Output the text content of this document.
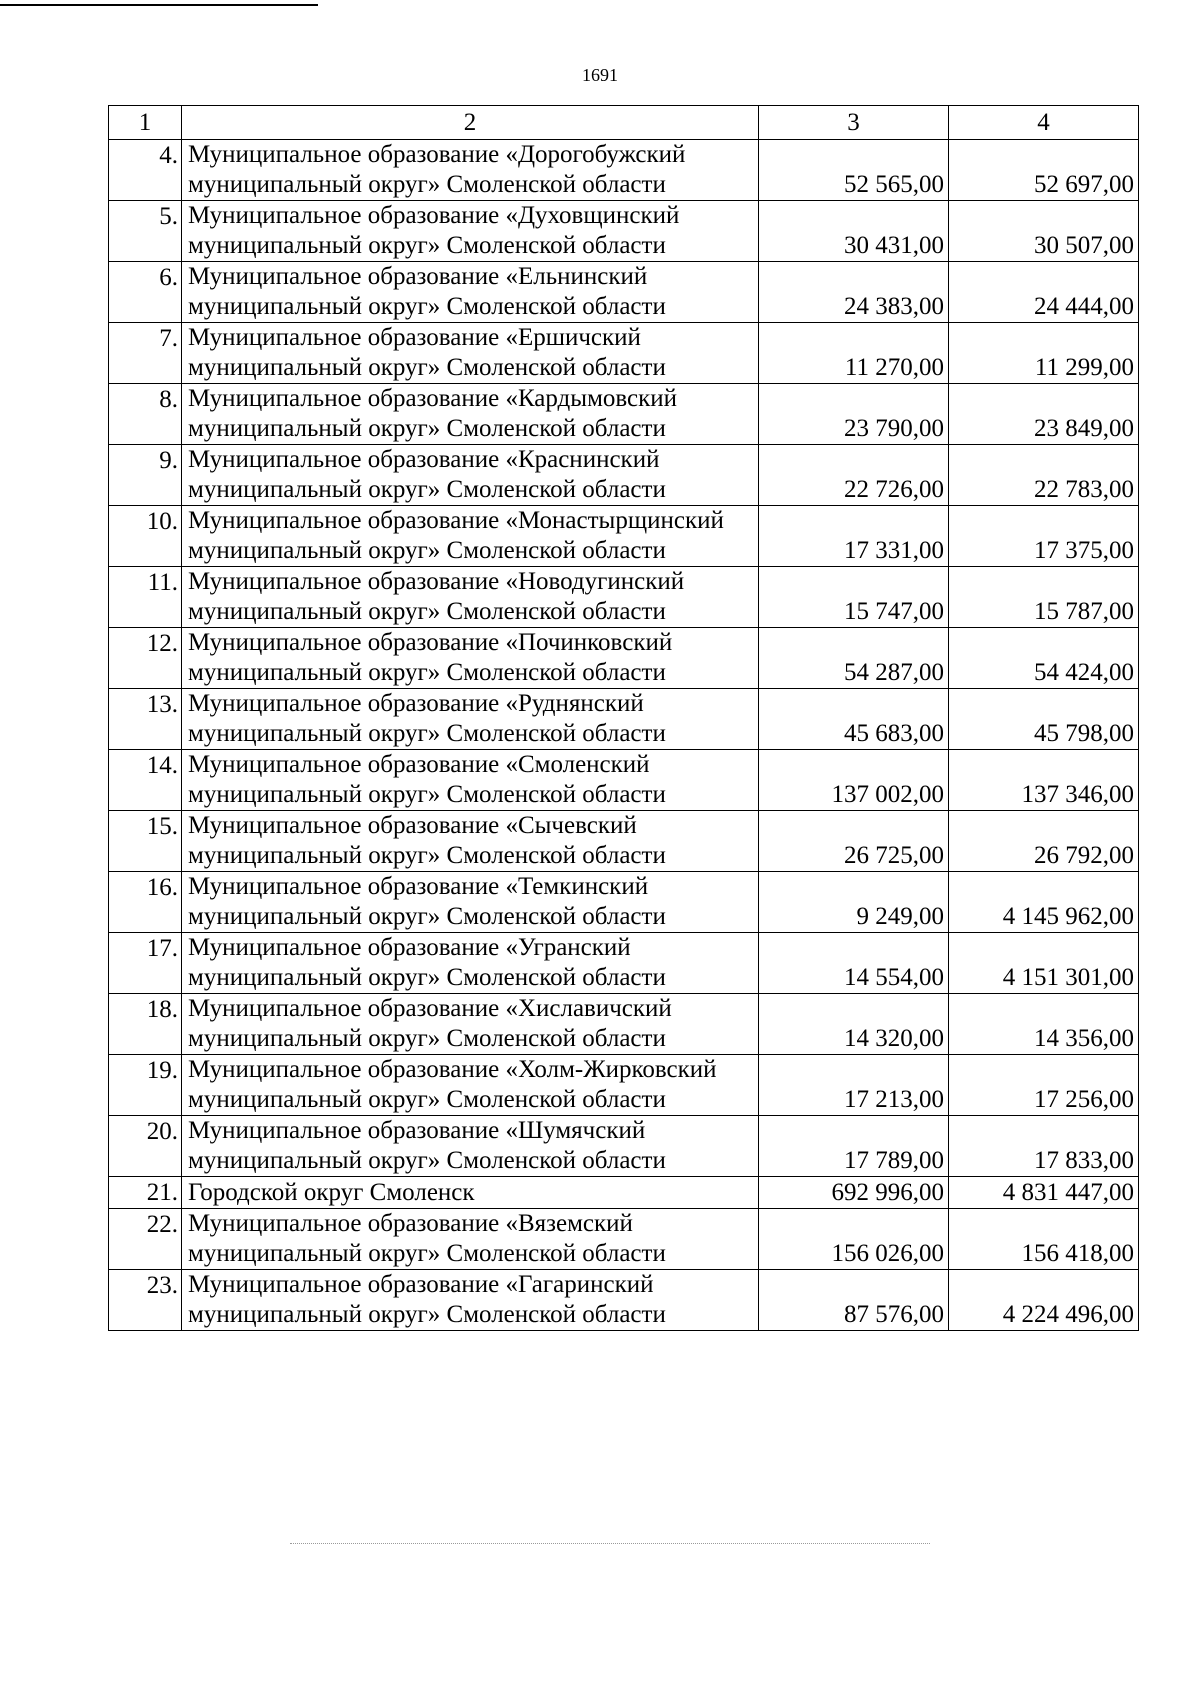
1691
1	2	3	4
4.	Муниципальное образование «Дорогобужский муниципальный округ» Смоленской области	52 565,00	52 697,00
5.	Муниципальное образование «Духовщинский муниципальный округ» Смоленской области	30 431,00	30 507,00
6.	Муниципальное образование «Ельнинский муниципальный округ» Смоленской области	24 383,00	24 444,00
7.	Муниципальное образование «Ершичский муниципальный округ» Смоленской области	11 270,00	11 299,00
8.	Муниципальное образование «Кардымовский муниципальный округ» Смоленской области	23 790,00	23 849,00
9.	Муниципальное образование «Краснинский муниципальный округ» Смоленской области	22 726,00	22 783,00
10.	Муниципальное образование «Монастырщинский муниципальный округ» Смоленской области	17 331,00	17 375,00
11.	Муниципальное образование «Новодугинский муниципальный округ» Смоленской области	15 747,00	15 787,00
12.	Муниципальное образование «Починковский муниципальный округ» Смоленской области	54 287,00	54 424,00
13.	Муниципальное образование «Руднянский муниципальный округ» Смоленской области	45 683,00	45 798,00
14.	Муниципальное образование «Смоленский муниципальный округ» Смоленской области	137 002,00	137 346,00
15.	Муниципальное образование «Сычевский муниципальный округ» Смоленской области	26 725,00	26 792,00
16.	Муниципальное образование «Темкинский муниципальный округ» Смоленской области	9 249,00	4 145 962,00
17.	Муниципальное образование «Угранский муниципальный округ» Смоленской области	14 554,00	4 151 301,00
18.	Муниципальное образование «Хиславичский муниципальный округ» Смоленской области	14 320,00	14 356,00
19.	Муниципальное образование «Холм-Жирковский муниципальный округ» Смоленской области	17 213,00	17 256,00
20.	Муниципальное образование «Шумячский муниципальный округ» Смоленской области	17 789,00	17 833,00
21.	Городской округ Смоленск	692 996,00	4 831 447,00
22.	Муниципальное образование «Вяземский муниципальный округ» Смоленской области	156 026,00	156 418,00
23.	Муниципальное образование «Гагаринский муниципальный округ» Смоленской области	87 576,00	4 224 496,00
